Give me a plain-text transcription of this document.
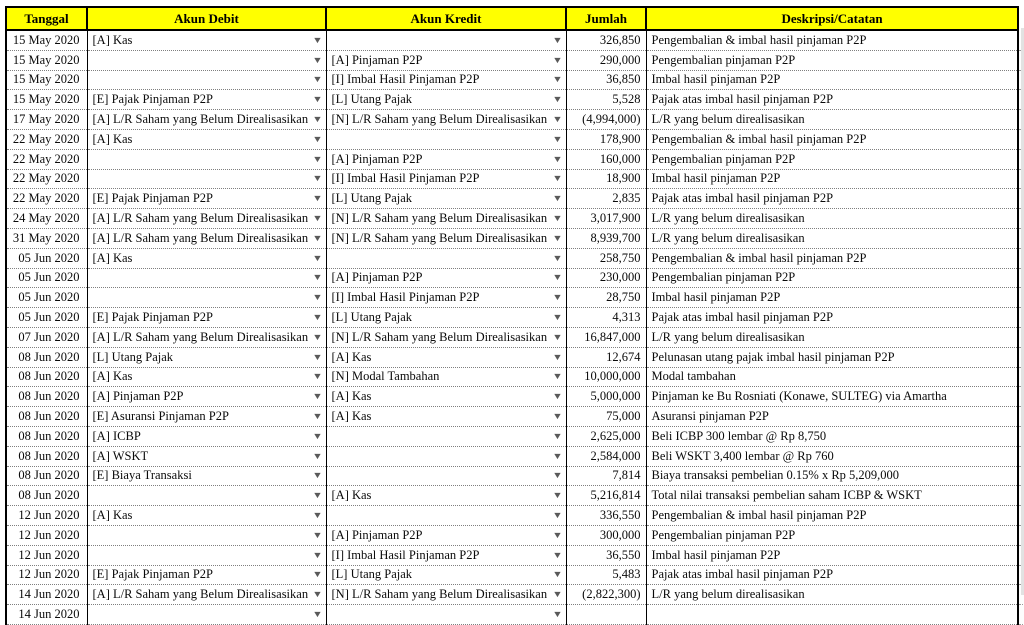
Tanggal	Akun Debit	Akun Kredit	Jumlah	Deskripsi/Catatan	
15 May 2020	[A] Kas ▼	▼	326,850	Pengembalian & imbal hasil pinjaman P2P	
15 May 2020	▼	[A] Pinjaman P2P ▼	290,000	Pengembalian pinjaman P2P	
15 May 2020	▼	[I] Imbal Hasil Pinjaman P2P ▼	36,850	Imbal hasil pinjaman P2P	
15 May 2020	[E] Pajak Pinjaman P2P ▼	[L] Utang Pajak ▼	5,528	Pajak atas imbal hasil pinjaman P2P	
17 May 2020	[A] L/R Saham yang Belum Direalisasikan ▼	[N] L/R Saham yang Belum Direalisasikan ▼	(4,994,000)	L/R yang belum direalisasikan	
22 May 2020	[A] Kas ▼	▼	178,900	Pengembalian & imbal hasil pinjaman P2P	
22 May 2020	▼	[A] Pinjaman P2P ▼	160,000	Pengembalian pinjaman P2P	
22 May 2020	▼	[I] Imbal Hasil Pinjaman P2P ▼	18,900	Imbal hasil pinjaman P2P	
22 May 2020	[E] Pajak Pinjaman P2P ▼	[L] Utang Pajak ▼	2,835	Pajak atas imbal hasil pinjaman P2P	
24 May 2020	[A] L/R Saham yang Belum Direalisasikan ▼	[N] L/R Saham yang Belum Direalisasikan ▼	3,017,900	L/R yang belum direalisasikan	
31 May 2020	[A] L/R Saham yang Belum Direalisasikan ▼	[N] L/R Saham yang Belum Direalisasikan ▼	8,939,700	L/R yang belum direalisasikan	
05 Jun 2020	[A] Kas ▼	▼	258,750	Pengembalian & imbal hasil pinjaman P2P	
05 Jun 2020	▼	[A] Pinjaman P2P ▼	230,000	Pengembalian pinjaman P2P	
05 Jun 2020	▼	[I] Imbal Hasil Pinjaman P2P ▼	28,750	Imbal hasil pinjaman P2P	
05 Jun 2020	[E] Pajak Pinjaman P2P ▼	[L] Utang Pajak ▼	4,313	Pajak atas imbal hasil pinjaman P2P	
07 Jun 2020	[A] L/R Saham yang Belum Direalisasikan ▼	[N] L/R Saham yang Belum Direalisasikan ▼	16,847,000	L/R yang belum direalisasikan	
08 Jun 2020	[L] Utang Pajak ▼	[A] Kas ▼	12,674	Pelunasan utang pajak imbal hasil pinjaman P2P	
08 Jun 2020	[A] Kas ▼	[N] Modal Tambahan ▼	10,000,000	Modal tambahan	
08 Jun 2020	[A] Pinjaman P2P ▼	[A] Kas ▼	5,000,000	Pinjaman ke Bu Rosniati (Konawe, SULTEG) via Amartha	
08 Jun 2020	[E] Asuransi Pinjaman P2P ▼	[A] Kas ▼	75,000	Asuransi pinjaman P2P	
08 Jun 2020	[A] ICBP ▼	▼	2,625,000	Beli ICBP 300 lembar @ Rp 8,750	
08 Jun 2020	[A] WSKT ▼	▼	2,584,000	Beli WSKT 3,400 lembar @ Rp 760	
08 Jun 2020	[E] Biaya Transaksi ▼	▼	7,814	Biaya transaksi pembelian 0.15% x Rp 5,209,000	
08 Jun 2020	▼	[A] Kas ▼	5,216,814	Total nilai transaksi pembelian saham ICBP & WSKT	
12 Jun 2020	[A] Kas ▼	▼	336,550	Pengembalian & imbal hasil pinjaman P2P	
12 Jun 2020	▼	[A] Pinjaman P2P ▼	300,000	Pengembalian pinjaman P2P	
12 Jun 2020	▼	[I] Imbal Hasil Pinjaman P2P ▼	36,550	Imbal hasil pinjaman P2P	
12 Jun 2020	[E] Pajak Pinjaman P2P ▼	[L] Utang Pajak ▼	5,483	Pajak atas imbal hasil pinjaman P2P	
14 Jun 2020	[A] L/R Saham yang Belum Direalisasikan ▼	[N] L/R Saham yang Belum Direalisasikan ▼	(2,822,300)	L/R yang belum direalisasikan	
14 Jun 2020	▼	▼			
